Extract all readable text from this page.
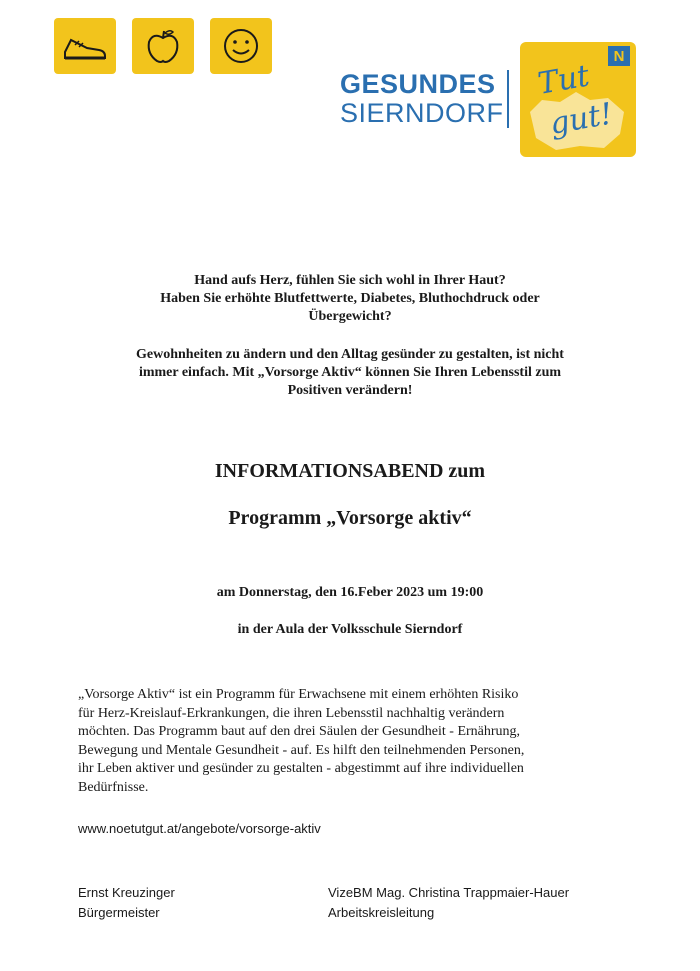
GESUNDES
SIERNDORF
N
Tut
gut!
Hand aufs Herz, fühlen Sie sich wohl in Ihrer Haut?
Haben Sie erhöhte Blutfettwerte, Diabetes, Bluthochdruck oder
Übergewicht?
Gewohnheiten zu ändern und den Alltag gesünder zu gestalten, ist nicht
immer einfach. Mit „Vorsorge Aktiv“ können Sie Ihren Lebensstil zum
Positiven verändern!
INFORMATIONSABEND zum
Programm „Vorsorge aktiv“
am Donnerstag, den 16.Feber 2023 um 19:00
in der Aula der Volksschule Sierndorf
„Vorsorge Aktiv“ ist ein Programm für Erwachsene mit einem erhöhten Risiko
für Herz-Kreislauf-Erkrankungen, die ihren Lebensstil nachhaltig verändern
möchten. Das Programm baut auf den drei Säulen der Gesundheit - Ernährung,
Bewegung und Mentale Gesundheit - auf. Es hilft den teilnehmenden Personen,
ihr Leben aktiver und gesünder zu gestalten - abgestimmt auf ihre individuellen
Bedürfnisse.
www.noetutgut.at/angebote/vorsorge-aktiv
Ernst Kreuzinger
Bürgermeister
VizeBM Mag. Christina Trappmaier-Hauer
Arbeitskreisleitung
